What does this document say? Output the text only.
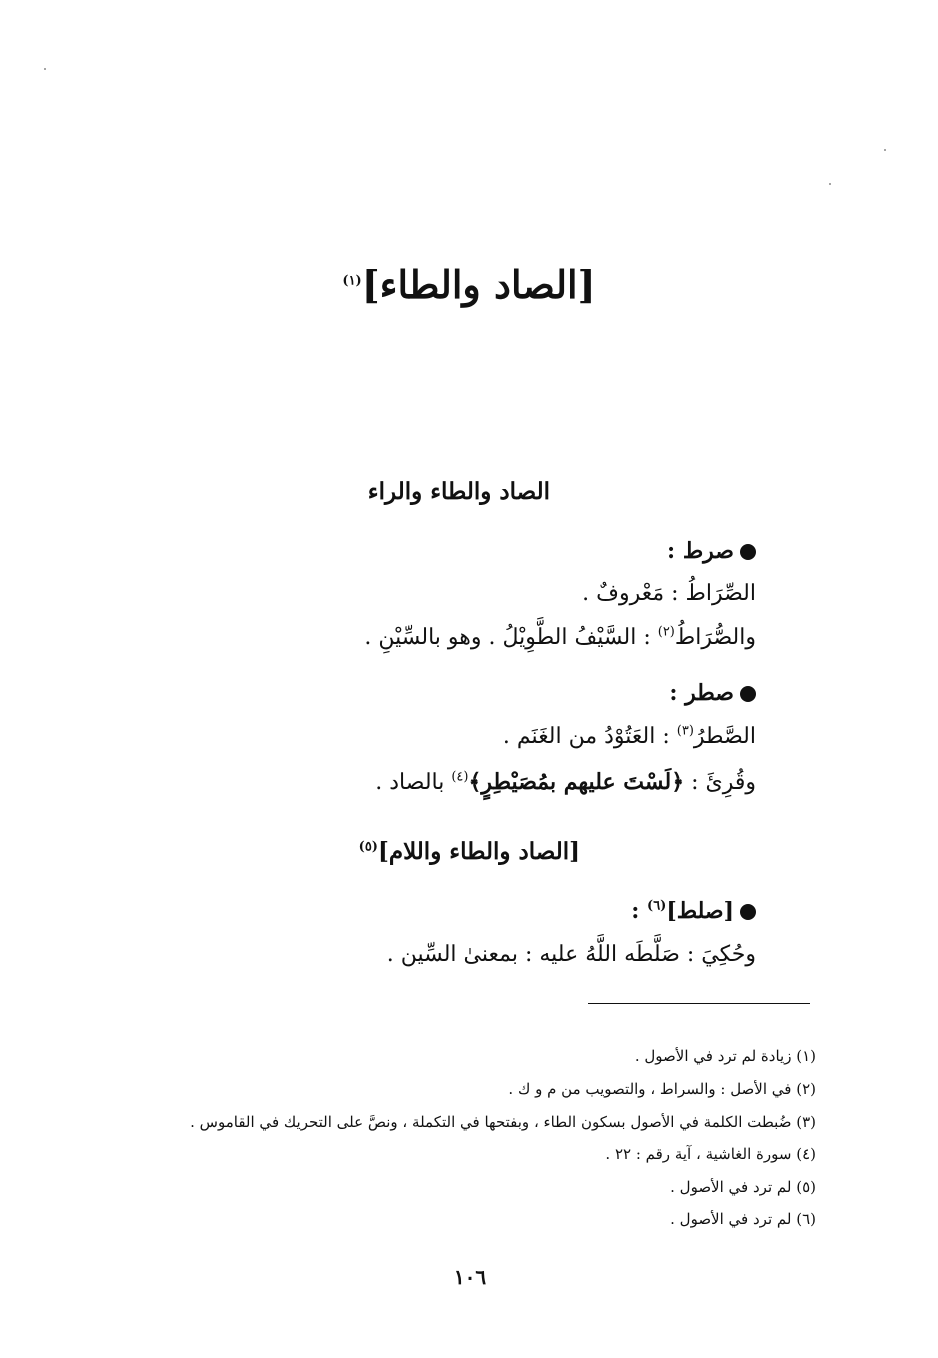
[الصاد والطاء]$^{(١)}$
الصاد والطاء والراء
صرط :
الصِّرَاطُ : مَعْروفٌ .
والصُّرَاطُ$^{(٢)}$ : السَّيْفُ الطَّوِيْلُ . وهو بالسِّيْنِ .
صطر :
الصَّطرُ$^{(٣)}$ : العَتُوْدُ من الغَنَم .
وقُرِئَ : ﴿لَسْتَ عليهم بمُصَيْطِرٍ﴾$^{(٤)}$ بالصاد .
[الصاد والطاء واللام]$^{(٥)}$
[صلط]$^{(٦)}$ :
وحُكِيَ : صَلَّطَه اللَّهُ عليه : بمعنىٰ السِّين .
(١) زيادة لم ترد في الأصول .
(٢) في الأصل : والسراط ، والتصويب من م و ك .
(٣) ضُبطت الكلمة في الأصول بسكون الطاء ، وبفتحها في التكملة ، ونصَّ على التحريك في القاموس .
(٤) سورة الغاشية ، آية رقم : ٢٢ .
(٥) لم ترد في الأصول .
(٦) لم ترد في الأصول .
١٠٦
